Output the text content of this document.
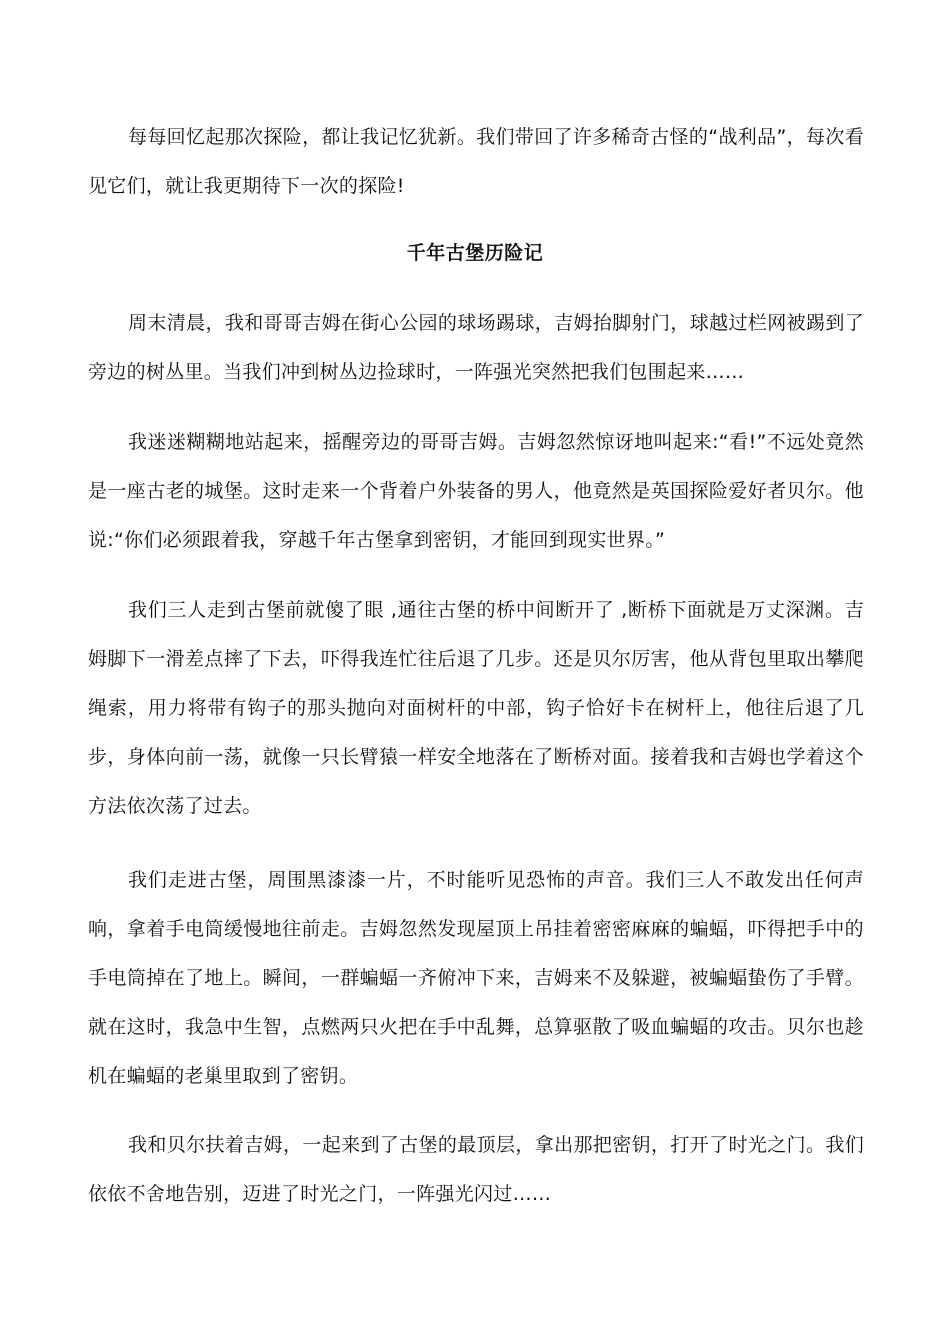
每每回忆起那次探险，都让我记忆犹新。我们带回了许多稀奇古怪的“战利品”，每次看见它们，就让我更期待下一次的探险!

千年古堡历险记

周末清晨，我和哥哥吉姆在街心公园的球场踢球，吉姆抬脚射门，球越过栏网被踢到了旁边的树丛里。当我们冲到树丛边捡球时，一阵强光突然把我们包围起来……

我迷迷糊糊地站起来，摇醒旁边的哥哥吉姆。吉姆忽然惊讶地叫起来:“看!”不远处竟然是一座古老的城堡。这时走来一个背着户外装备的男人，他竟然是英国探险爱好者贝尔。他说:“你们必须跟着我，穿越千年古堡拿到密钥，才能回到现实世界。”

我们三人走到古堡前就傻了眼 ,通往古堡的桥中间断开了 ,断桥下面就是万丈深渊。吉姆脚下一滑差点摔了下去，吓得我连忙往后退了几步。还是贝尔厉害，他从背包里取出攀爬绳索，用力将带有钩子的那头抛向对面树杆的中部，钩子恰好卡在树杆上，他往后退了几步，身体向前一荡，就像一只长臂猿一样安全地落在了断桥对面。接着我和吉姆也学着这个方法依次荡了过去。

我们走进古堡，周围黑漆漆一片，不时能听见恐怖的声音。我们三人不敢发出任何声响，拿着手电筒缓慢地往前走。吉姆忽然发现屋顶上吊挂着密密麻麻的蝙蝠，吓得把手中的手电筒掉在了地上。瞬间，一群蝙蝠一齐俯冲下来，吉姆来不及躲避，被蝙蝠蛰伤了手臂。就在这时，我急中生智，点燃两只火把在手中乱舞，总算驱散了吸血蝙蝠的攻击。贝尔也趁机在蝙蝠的老巢里取到了密钥。

我和贝尔扶着吉姆，一起来到了古堡的最顶层，拿出那把密钥，打开了时光之门。我们依依不舍地告别，迈进了时光之门，一阵强光闪过……
